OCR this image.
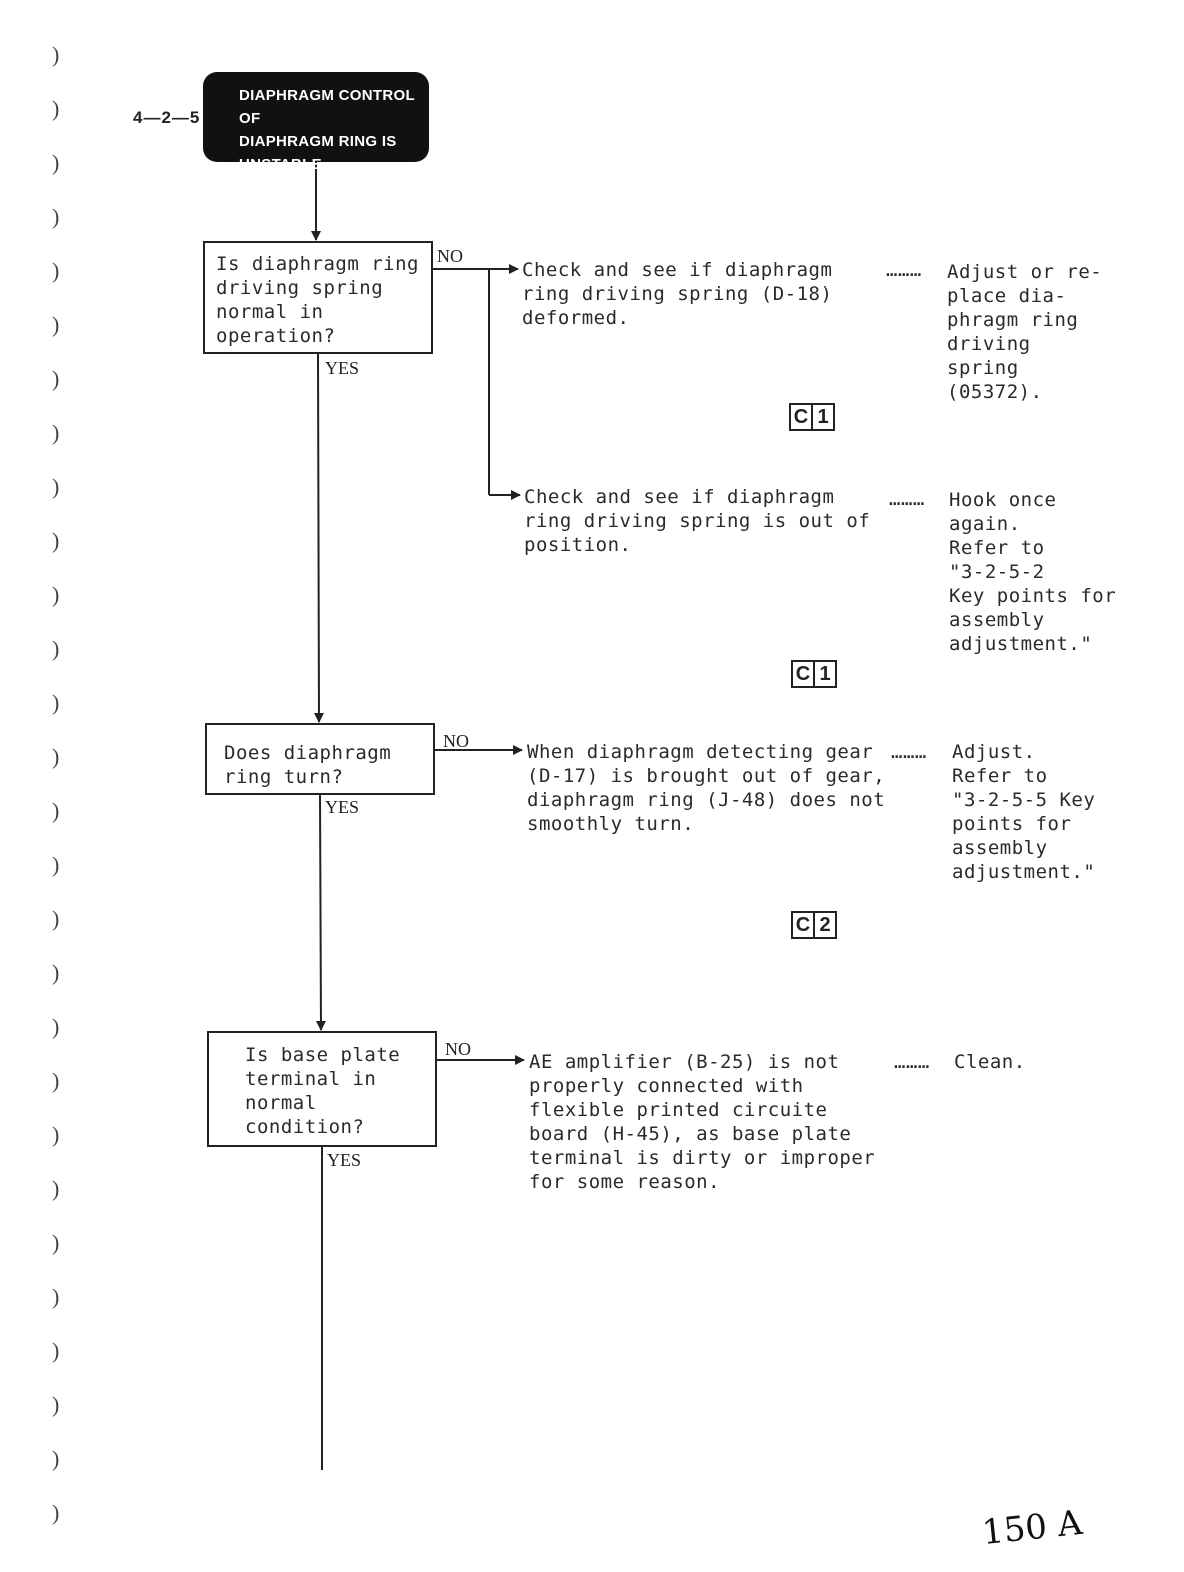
4—2—5
DIAPHRAGM CONTROL OF
DIAPHRAGM RING IS
UNSTABLE
Is diaphragm ring
driving spring
normal in
operation?
NO
YES
Check and see if diaphragm
ring driving spring (D-18)
deformed.
……… Adjust or re-
place dia-
phragm ring
driving
spring
(05372).
C 1
Check and see if diaphragm
ring driving spring is out of
position.
……… Hook once
again.
Refer to
"3-2-5-2
Key points for
assembly
adjustment."
C 1
Does diaphragm
ring turn?
NO
YES
When diaphragm detecting gear
(D-17) is brought out of gear,
diaphragm ring (J-48) does not
smoothly turn.
……… Adjust.
Refer to
"3-2-5-5 Key
points for
assembly
adjustment."
C 2
Is base plate
terminal in
normal
condition?
NO
YES
AE amplifier (B-25) is not
properly connected with
flexible printed circuite
board (H-45), as base plate
terminal is dirty or improper
for some reason.
……… Clean.
)
)
)
)
)
)
)
)
)
)
)
)
)
)
)
)
)
)
)
)
)
)
)
)
)
)
)
)	150 A
